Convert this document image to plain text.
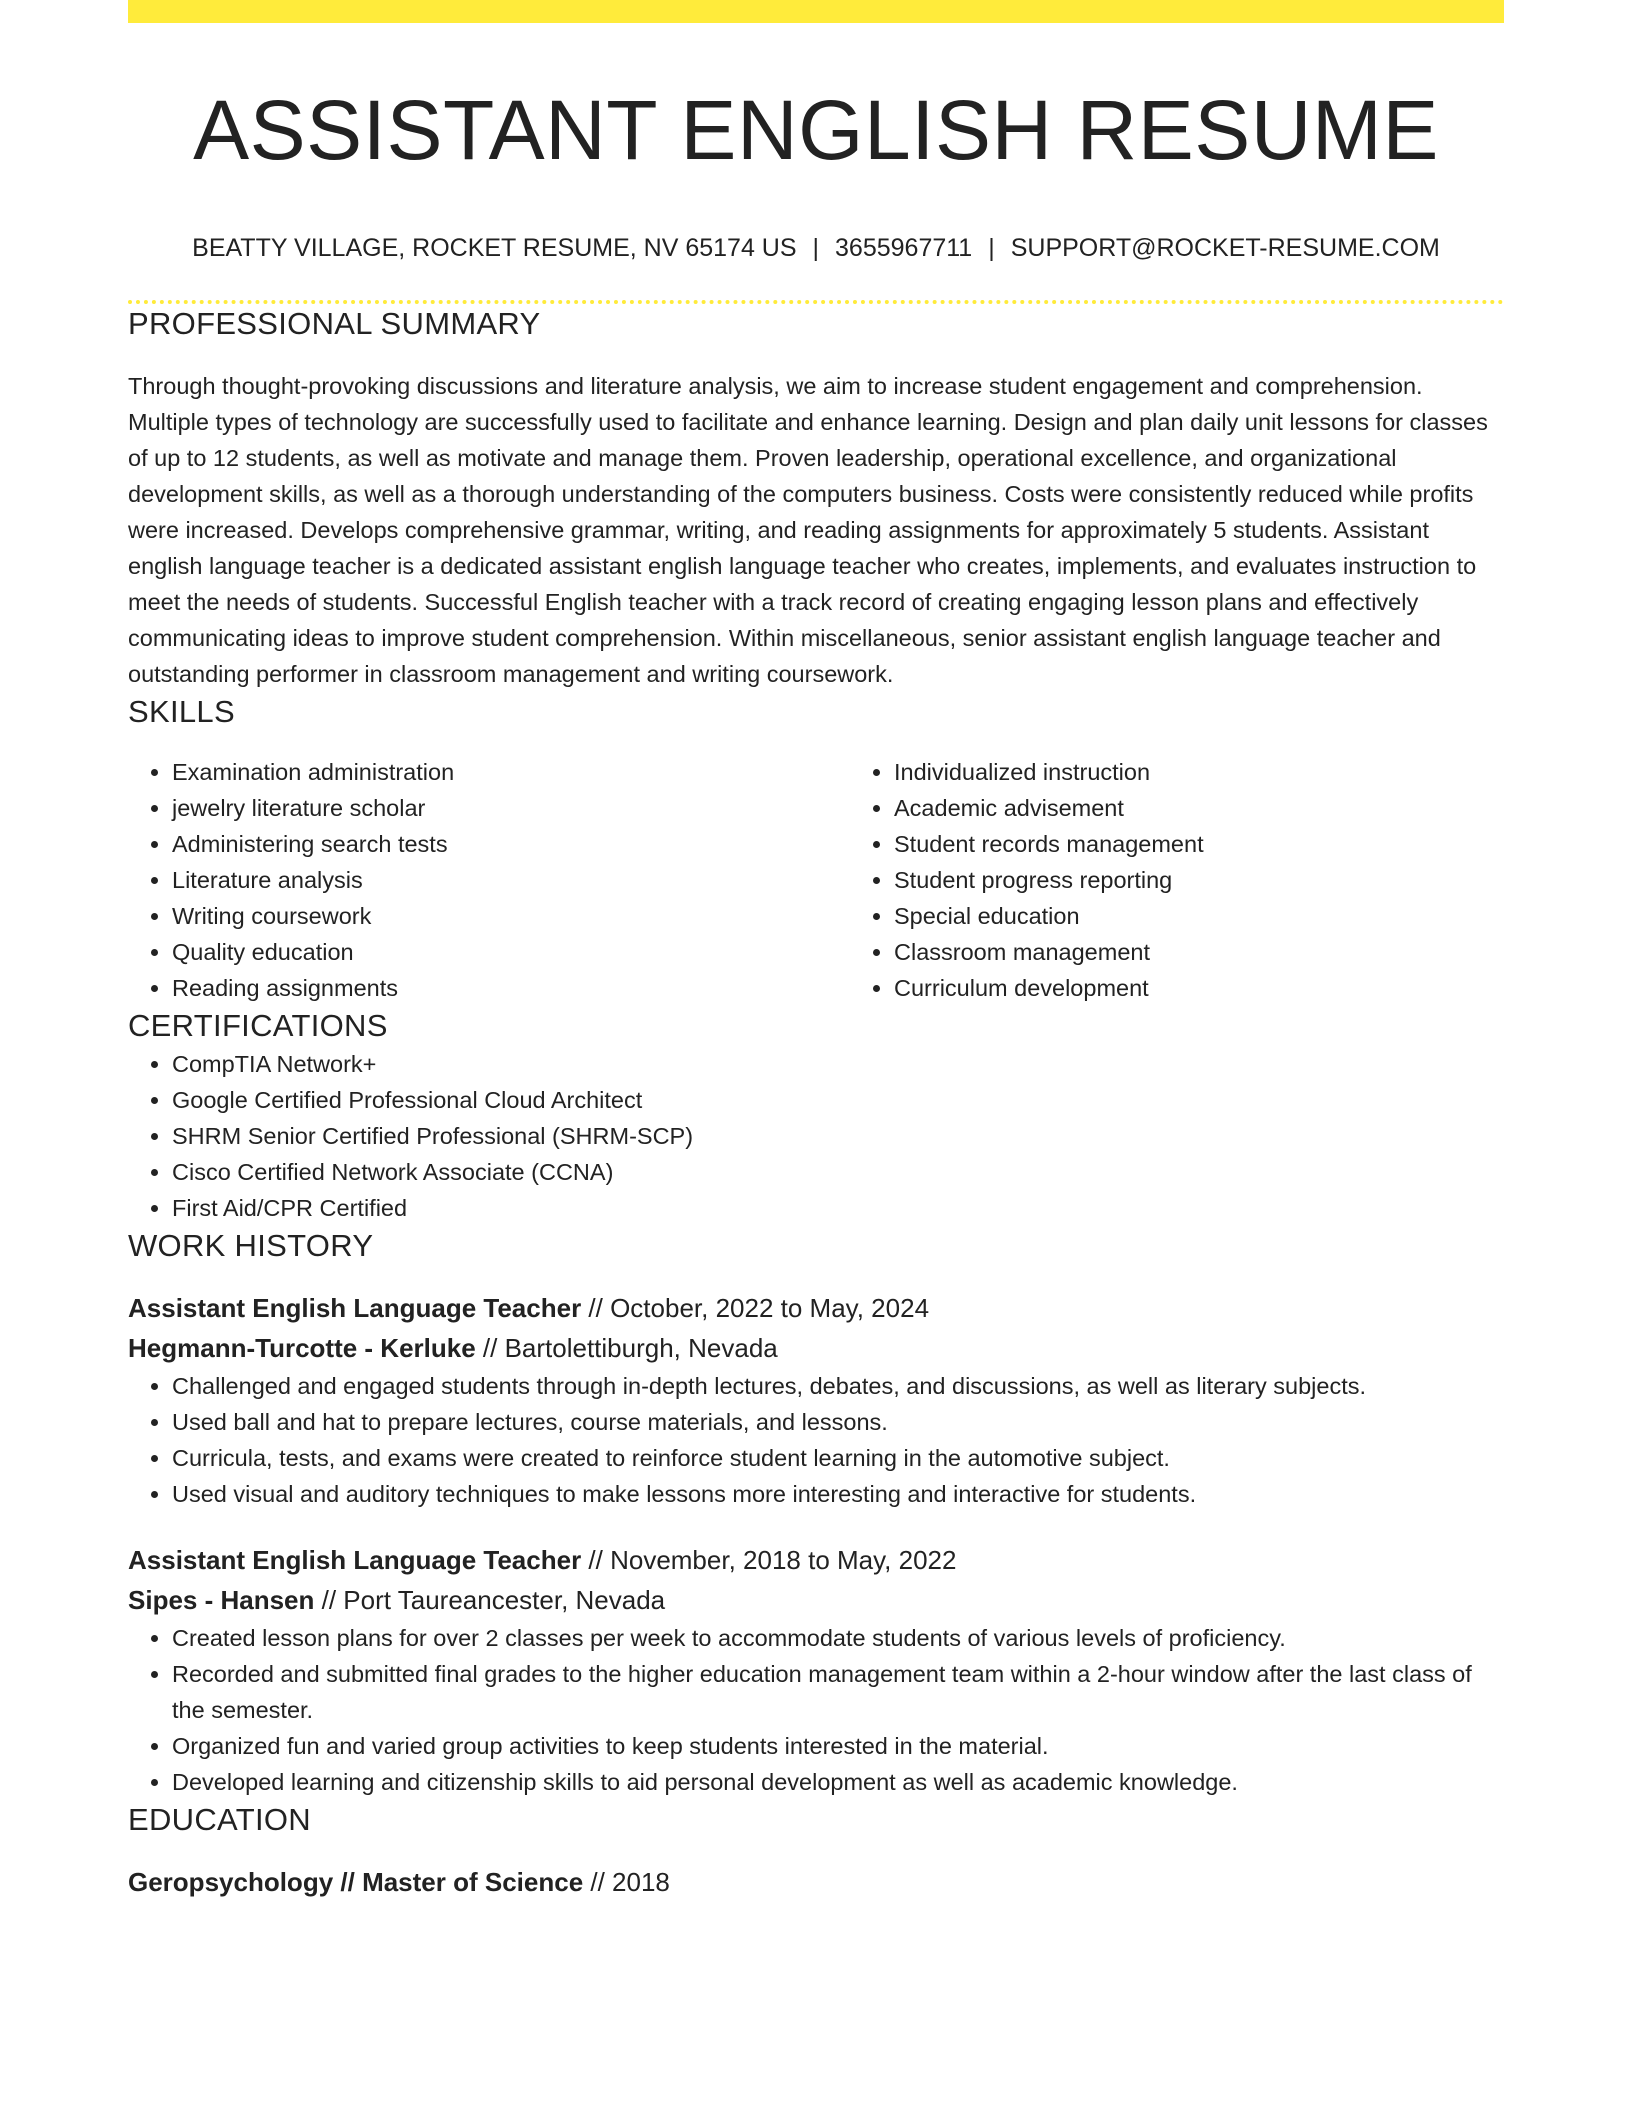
ASSISTANT ENGLISH RESUME
BEATTY VILLAGE, ROCKET RESUME, NV 65174 US | 3655967711 | SUPPORT@ROCKET-RESUME.COM
PROFESSIONAL SUMMARY

Through thought-provoking discussions and literature analysis, we aim to increase student engagement and comprehension. Multiple types of technology are successfully used to facilitate and enhance learning. Design and plan daily unit lessons for classes of up to 12 students, as well as motivate and manage them. Proven leadership, operational excellence, and organizational development skills, as well as a thorough understanding of the computers business. Costs were consistently reduced while profits were increased. Develops comprehensive grammar, writing, and reading assignments for approximately 5 students. Assistant english language teacher is a dedicated assistant english language teacher who creates, implements, and evaluates instruction to meet the needs of students. Successful English teacher with a track record of creating engaging lesson plans and effectively communicating ideas to improve student comprehension. Within miscellaneous, senior assistant english language teacher and outstanding performer in classroom management and writing coursework.

SKILLS
• Examination administration
• jewelry literature scholar
• Administering search tests
• Literature analysis
• Writing coursework
• Quality education
• Reading assignments
• Individualized instruction
• Academic advisement
• Student records management
• Student progress reporting
• Special education
• Classroom management
• Curriculum development
CERTIFICATIONS
• CompTIA Network+
• Google Certified Professional Cloud Architect
• SHRM Senior Certified Professional (SHRM-SCP)
• Cisco Certified Network Associate (CCNA)
• First Aid/CPR Certified
WORK HISTORY
Assistant English Language Teacher // October, 2022 to May, 2024
Hegmann-Turcotte - Kerluke // Bartolettiburgh, Nevada
• Challenged and engaged students through in-depth lectures, debates, and discussions, as well as literary subjects.
• Used ball and hat to prepare lectures, course materials, and lessons.
• Curricula, tests, and exams were created to reinforce student learning in the automotive subject.
• Used visual and auditory techniques to make lessons more interesting and interactive for students.
Assistant English Language Teacher // November, 2018 to May, 2022
Sipes - Hansen // Port Taureancester, Nevada
• Created lesson plans for over 2 classes per week to accommodate students of various levels of proficiency.
• Recorded and submitted final grades to the higher education management team within a 2-hour window after the last class of the semester.
• Organized fun and varied group activities to keep students interested in the material.
• Developed learning and citizenship skills to aid personal development as well as academic knowledge.
EDUCATION
Geropsychology // Master of Science // 2018
